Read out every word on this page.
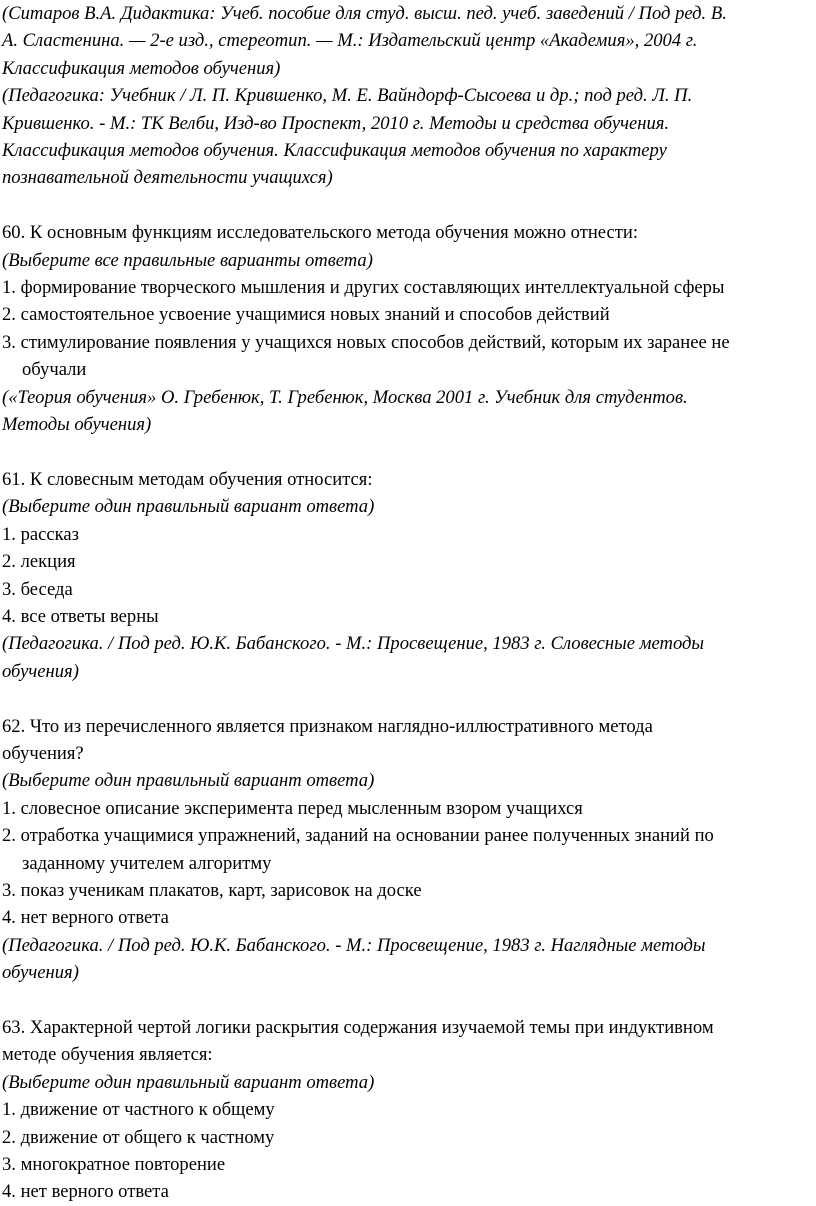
(Ситаров В.А. Дидактика: Учеб. пособие для студ. высш. пед. учеб. заведений / Под ред. В.
А. Сластенина. — 2-е изд., стереотип. — М.: Издательский центр «Академия», 2004 г.
Классификация методов обучения)
(Педагогика: Учебник / Л. П. Крившенко, М. Е. Вайндорф-Сысоева и др.; под ред. Л. П.
Крившенко. - М.: ТК Велби, Изд-во Проспект, 2010 г. Методы и средства обучения.
Классификация методов обучения. Классификация методов обучения по характеру
познавательной деятельности учащихся)
60. К основным функциям исследовательского метода обучения можно отнести:
(Выберите все правильные варианты ответа)
1. формирование творческого мышления и других составляющих интеллектуальной сферы
2. самостоятельное усвоение учащимися новых знаний и способов действий
3. стимулирование появления у учащихся новых способов действий, которым их заранее не
обучали
(«Теория обучения» О. Гребенюк, Т. Гребенюк, Москва 2001 г. Учебник для студентов.
Методы обучения)
61. К словесным методам обучения относится:
(Выберите один правильный вариант ответа)
1. рассказ
2. лекция
3. беседа
4. все ответы верны
(Педагогика. / Под ред. Ю.К. Бабанского. - М.: Просвещение, 1983 г. Словесные методы
обучения)
62. Что из перечисленного является признаком наглядно-иллюстративного метода
обучения?
(Выберите один правильный вариант ответа)
1. словесное описание эксперимента перед мысленным взором учащихся
2. отработка учащимися упражнений, заданий на основании ранее полученных знаний по
заданному учителем алгоритму
3. показ ученикам плакатов, карт, зарисовок на доске
4. нет верного ответа
(Педагогика. / Под ред. Ю.К. Бабанского. - М.: Просвещение, 1983 г. Наглядные методы
обучения)
63. Характерной чертой логики раскрытия содержания изучаемой темы при индуктивном
методе обучения является:
(Выберите один правильный вариант ответа)
1. движение от частного к общему
2. движение от общего к частному
3. многократное повторение
4. нет верного ответа
